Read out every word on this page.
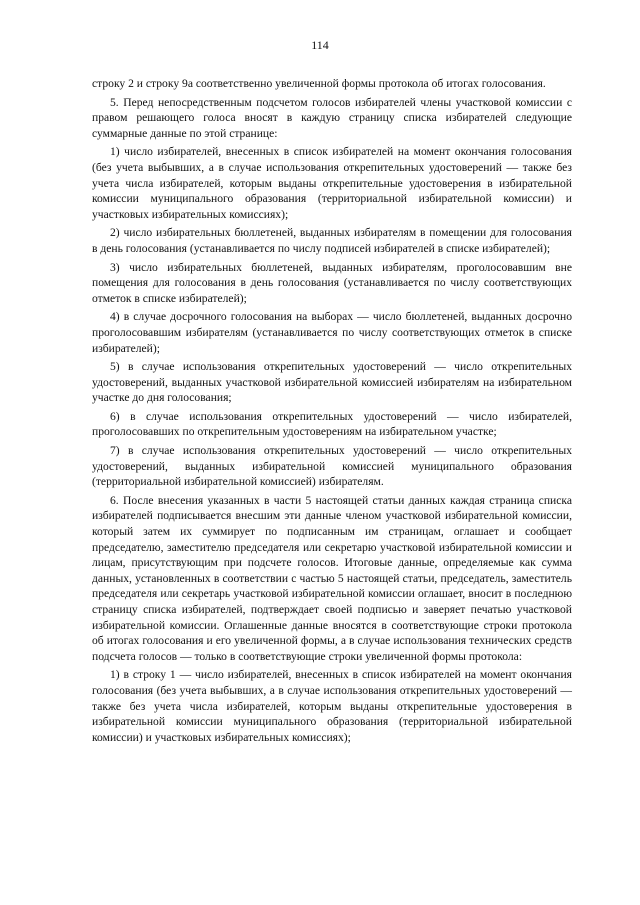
114

строку 2 и строку 9а соответственно увеличенной формы протокола об итогах голосования.

5. Перед непосредственным подсчетом голосов избирателей члены участковой комиссии с правом решающего голоса вносят в каждую страницу списка избирателей следующие суммарные данные по этой странице:

1) число избирателей, внесенных в список избирателей на момент окончания голосования (без учета выбывших, а в случае использования открепительных удостоверений — также без учета числа избирателей, которым выданы открепительные удостоверения в избирательной комиссии муниципального образования (территориальной избирательной комиссии) и участковых избирательных комиссиях);

2) число избирательных бюллетеней, выданных избирателям в помещении для голосования в день голосования (устанавливается по числу подписей избирателей в списке избирателей);

3) число избирательных бюллетеней, выданных избирателям, проголосовавшим вне помещения для голосования в день голосования (устанавливается по числу соответствующих отметок в списке избирателей);

4) в случае досрочного голосования на выборах — число бюллетеней, выданных досрочно проголосовавшим избирателям (устанавливается по числу соответствующих отметок в списке избирателей);

5) в случае использования открепительных удостоверений — число открепительных удостоверений, выданных участковой избирательной комиссией избирателям на избирательном участке до дня голосования;

6) в случае использования открепительных удостоверений — число избирателей, проголосовавших по открепительным удостоверениям на избирательном участке;

7) в случае использования открепительных удостоверений — число открепительных удостоверений, выданных избирательной комиссией муниципального образования (территориальной избирательной комиссией) избирателям.

6. После внесения указанных в части 5 настоящей статьи данных каждая страница списка избирателей подписывается внесшим эти данные членом участковой избирательной комиссии, который затем их суммирует по подписанным им страницам, оглашает и сообщает председателю, заместителю председателя или секретарю участковой избирательной комиссии и лицам, присутствующим при подсчете голосов. Итоговые данные, определяемые как сумма данных, установленных в соответствии с частью 5 настоящей статьи, председатель, заместитель председателя или секретарь участковой избирательной комиссии оглашает, вносит в последнюю страницу списка избирателей, подтверждает своей подписью и заверяет печатью участковой избирательной комиссии. Оглашенные данные вносятся в соответствующие строки протокола об итогах голосования и его увеличенной формы, а в случае использования технических средств подсчета голосов — только в соответствующие строки увеличенной формы протокола:

1) в строку 1 — число избирателей, внесенных в список избирателей на момент окончания голосования (без учета выбывших, а в случае использования открепительных удостоверений — также без учета числа избирателей, которым выданы открепительные удостоверения в избирательной комиссии муниципального образования (территориальной избирательной комиссии) и участковых избирательных комиссиях);
